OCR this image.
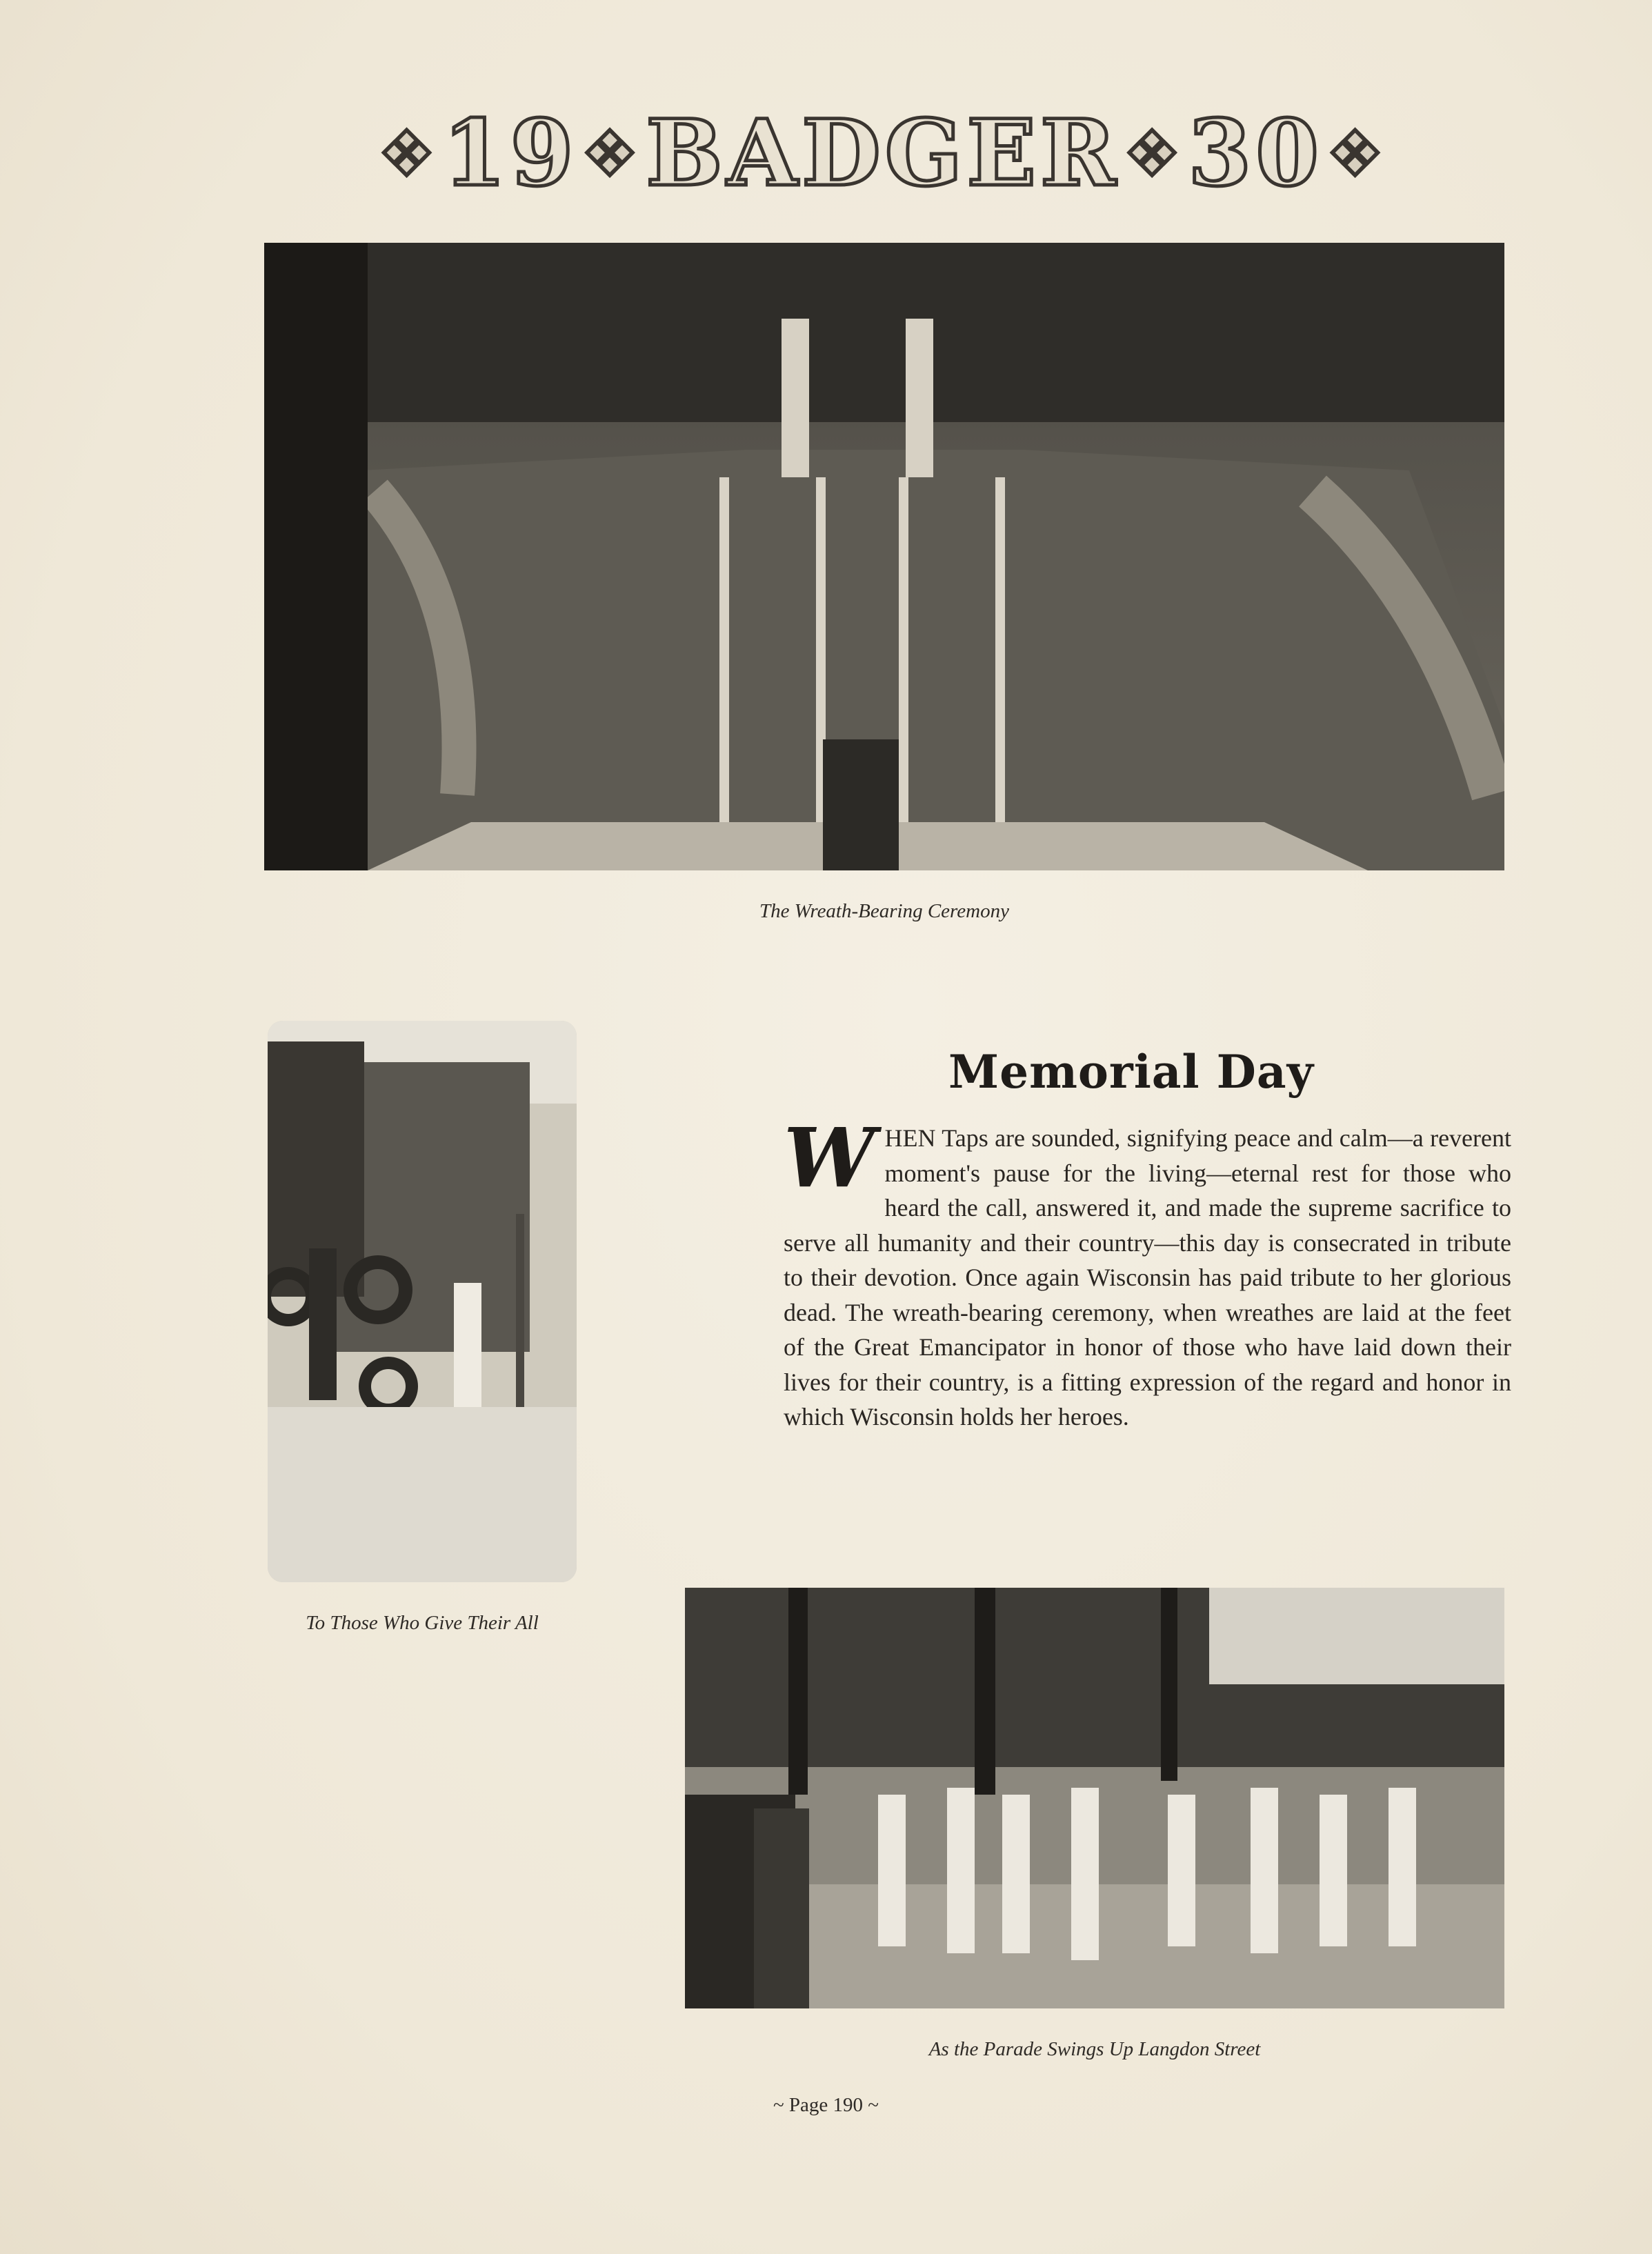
❖ 19 ❖ BADGER ❖ 30 ❖
The Wreath-Bearing Ceremony
To Those Who Give Their All
Memorial Day
W HEN Taps are sounded, signifying peace and calm—a reverent moment's pause for the living—eternal rest for those who heard the call, answered it, and made the supreme sacrifice to serve all humanity and their country—this day is consecrated in tribute to their devotion. Once again Wisconsin has paid tribute to her glorious dead. The wreath-bearing ceremony, when wreathes are laid at the feet of the Great Emancipator in honor of those who have laid down their lives for their country, is a fitting expression of the regard and honor in which Wisconsin holds her heroes.
As the Parade Swings Up Langdon Street
~ Page 190 ~
